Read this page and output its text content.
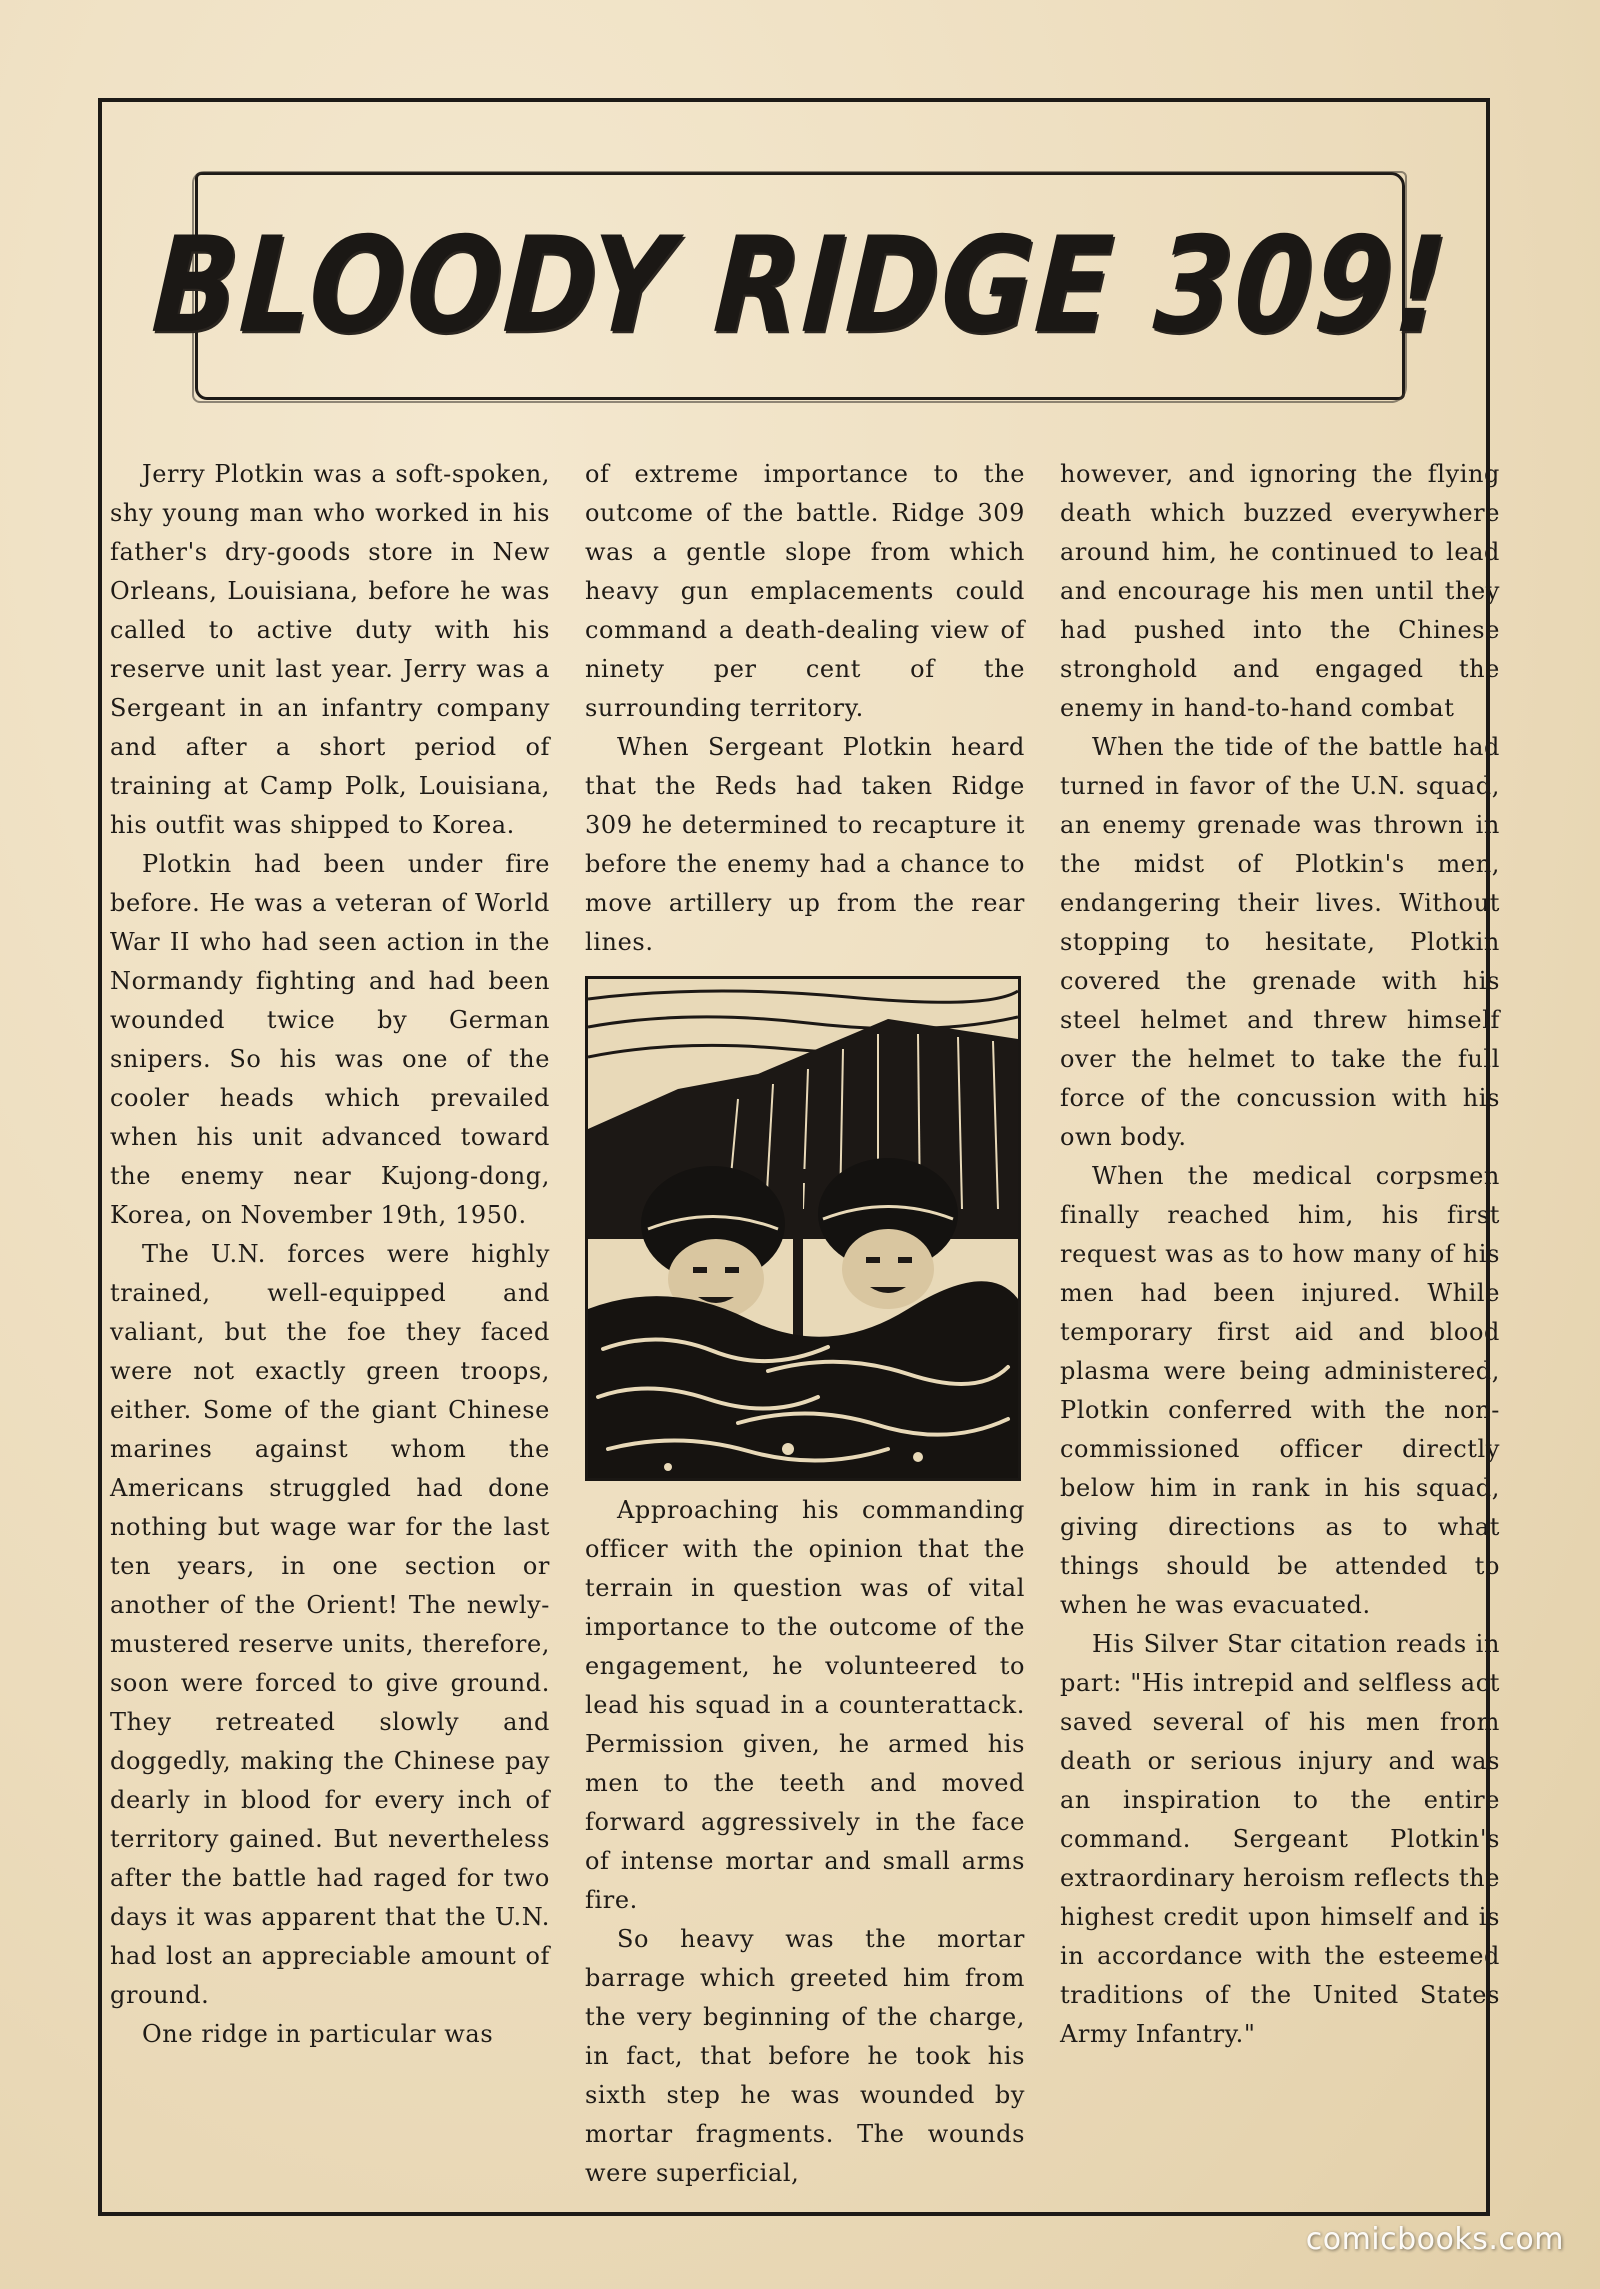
BLOODY RIDGE 309!

Jerry Plotkin was a soft-spoken, shy young man who worked in his father's dry-goods store in New Orleans, Louisiana, before he was called to active duty with his reserve unit last year. Jerry was a Sergeant in an infantry company and after a short period of training at Camp Polk, Louisiana, his outfit was shipped to Korea.

Plotkin had been under fire before. He was a veteran of World War II who had seen action in the Normandy fighting and had been wounded twice by German snipers. So his was one of the cooler heads which prevailed when his unit advanced toward the enemy near Kujong-dong, Korea, on November 19th, 1950.

The U.N. forces were highly trained, well-equipped and valiant, but the foe they faced were not exactly green troops, either. Some of the giant Chinese marines against whom the Americans struggled had done nothing but wage war for the last ten years, in one section or another of the Orient! The newly-mustered reserve units, therefore, soon were forced to give ground. They retreated slowly and doggedly, making the Chinese pay dearly in blood for every inch of territory gained. But nevertheless after the battle had raged for two days it was apparent that the U.N. had lost an appreciable amount of ground.

One ridge in particular was

of extreme importance to the outcome of the battle. Ridge 309 was a gentle slope from which heavy gun emplacements could command a death-dealing view of ninety per cent of the surrounding territory.

When Sergeant Plotkin heard that the Reds had taken Ridge 309 he determined to recapture it before the enemy had a chance to move artillery up from the rear lines.

Approaching his commanding officer with the opinion that the terrain in question was of vital importance to the outcome of the engagement, he volunteered to lead his squad in a counterattack. Permission given, he armed his men to the teeth and moved forward aggressively in the face of intense mortar and small arms fire.

So heavy was the mortar barrage which greeted him from the very beginning of the charge, in fact, that before he took his sixth step he was wounded by mortar fragments. The wounds were superficial,

however, and ignoring the flying death which buzzed everywhere around him, he continued to lead and encourage his men until they had pushed into the Chinese stronghold and engaged the enemy in hand-to-hand combat

When the tide of the battle had turned in favor of the U.N. squad, an enemy grenade was thrown in the midst of Plotkin's men, endangering their lives. Without stopping to hesitate, Plotkin covered the grenade with his steel helmet and threw himself over the helmet to take the full force of the concussion with his own body.

When the medical corpsmen finally reached him, his first request was as to how many of his men had been injured. While temporary first aid and blood plasma were being administered, Plotkin conferred with the non-commissioned officer directly below him in rank in his squad, giving directions as to what things should be attended to when he was evacuated.

His Silver Star citation reads in part: "His intrepid and selfless act saved several of his men from death or serious injury and was an inspiration to the entire command. Sergeant Plotkin's extraordinary heroism reflects the highest credit upon himself and is in accordance with the esteemed traditions of the United States Army Infantry."

comicbooks.com
